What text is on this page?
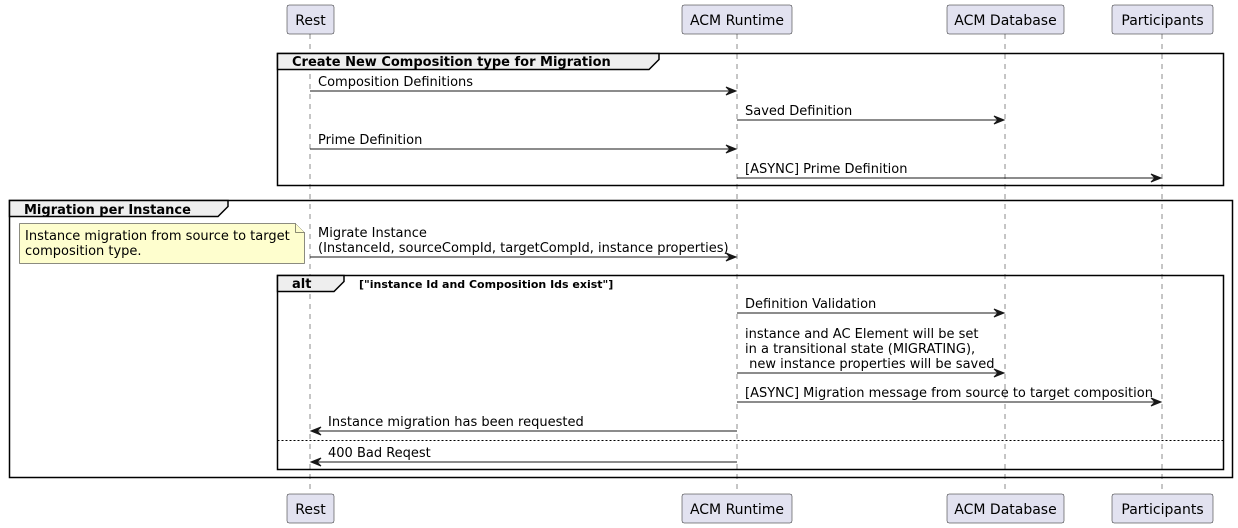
Rest	ACM Runtime	ACM Database	Participants
Rest	ACM Runtime	ACM Database	Participants
Create New Composition type for Migration
Migration per Instance
alt	["instance Id and Composition Ids exist"]
Instance migration from source to target
composition type.
Composition Definitions
Saved Definition
Prime Definition
[ASYNC] Prime Definition
Migrate Instance
(InstanceId, sourceCompId, targetCompId, instance properties)
Definition Validation
instance and AC Element will be set
in a transitional state (MIGRATING),
new instance properties will be saved
[ASYNC] Migration message from source to target composition
Instance migration has been requested
400 Bad Reqest
